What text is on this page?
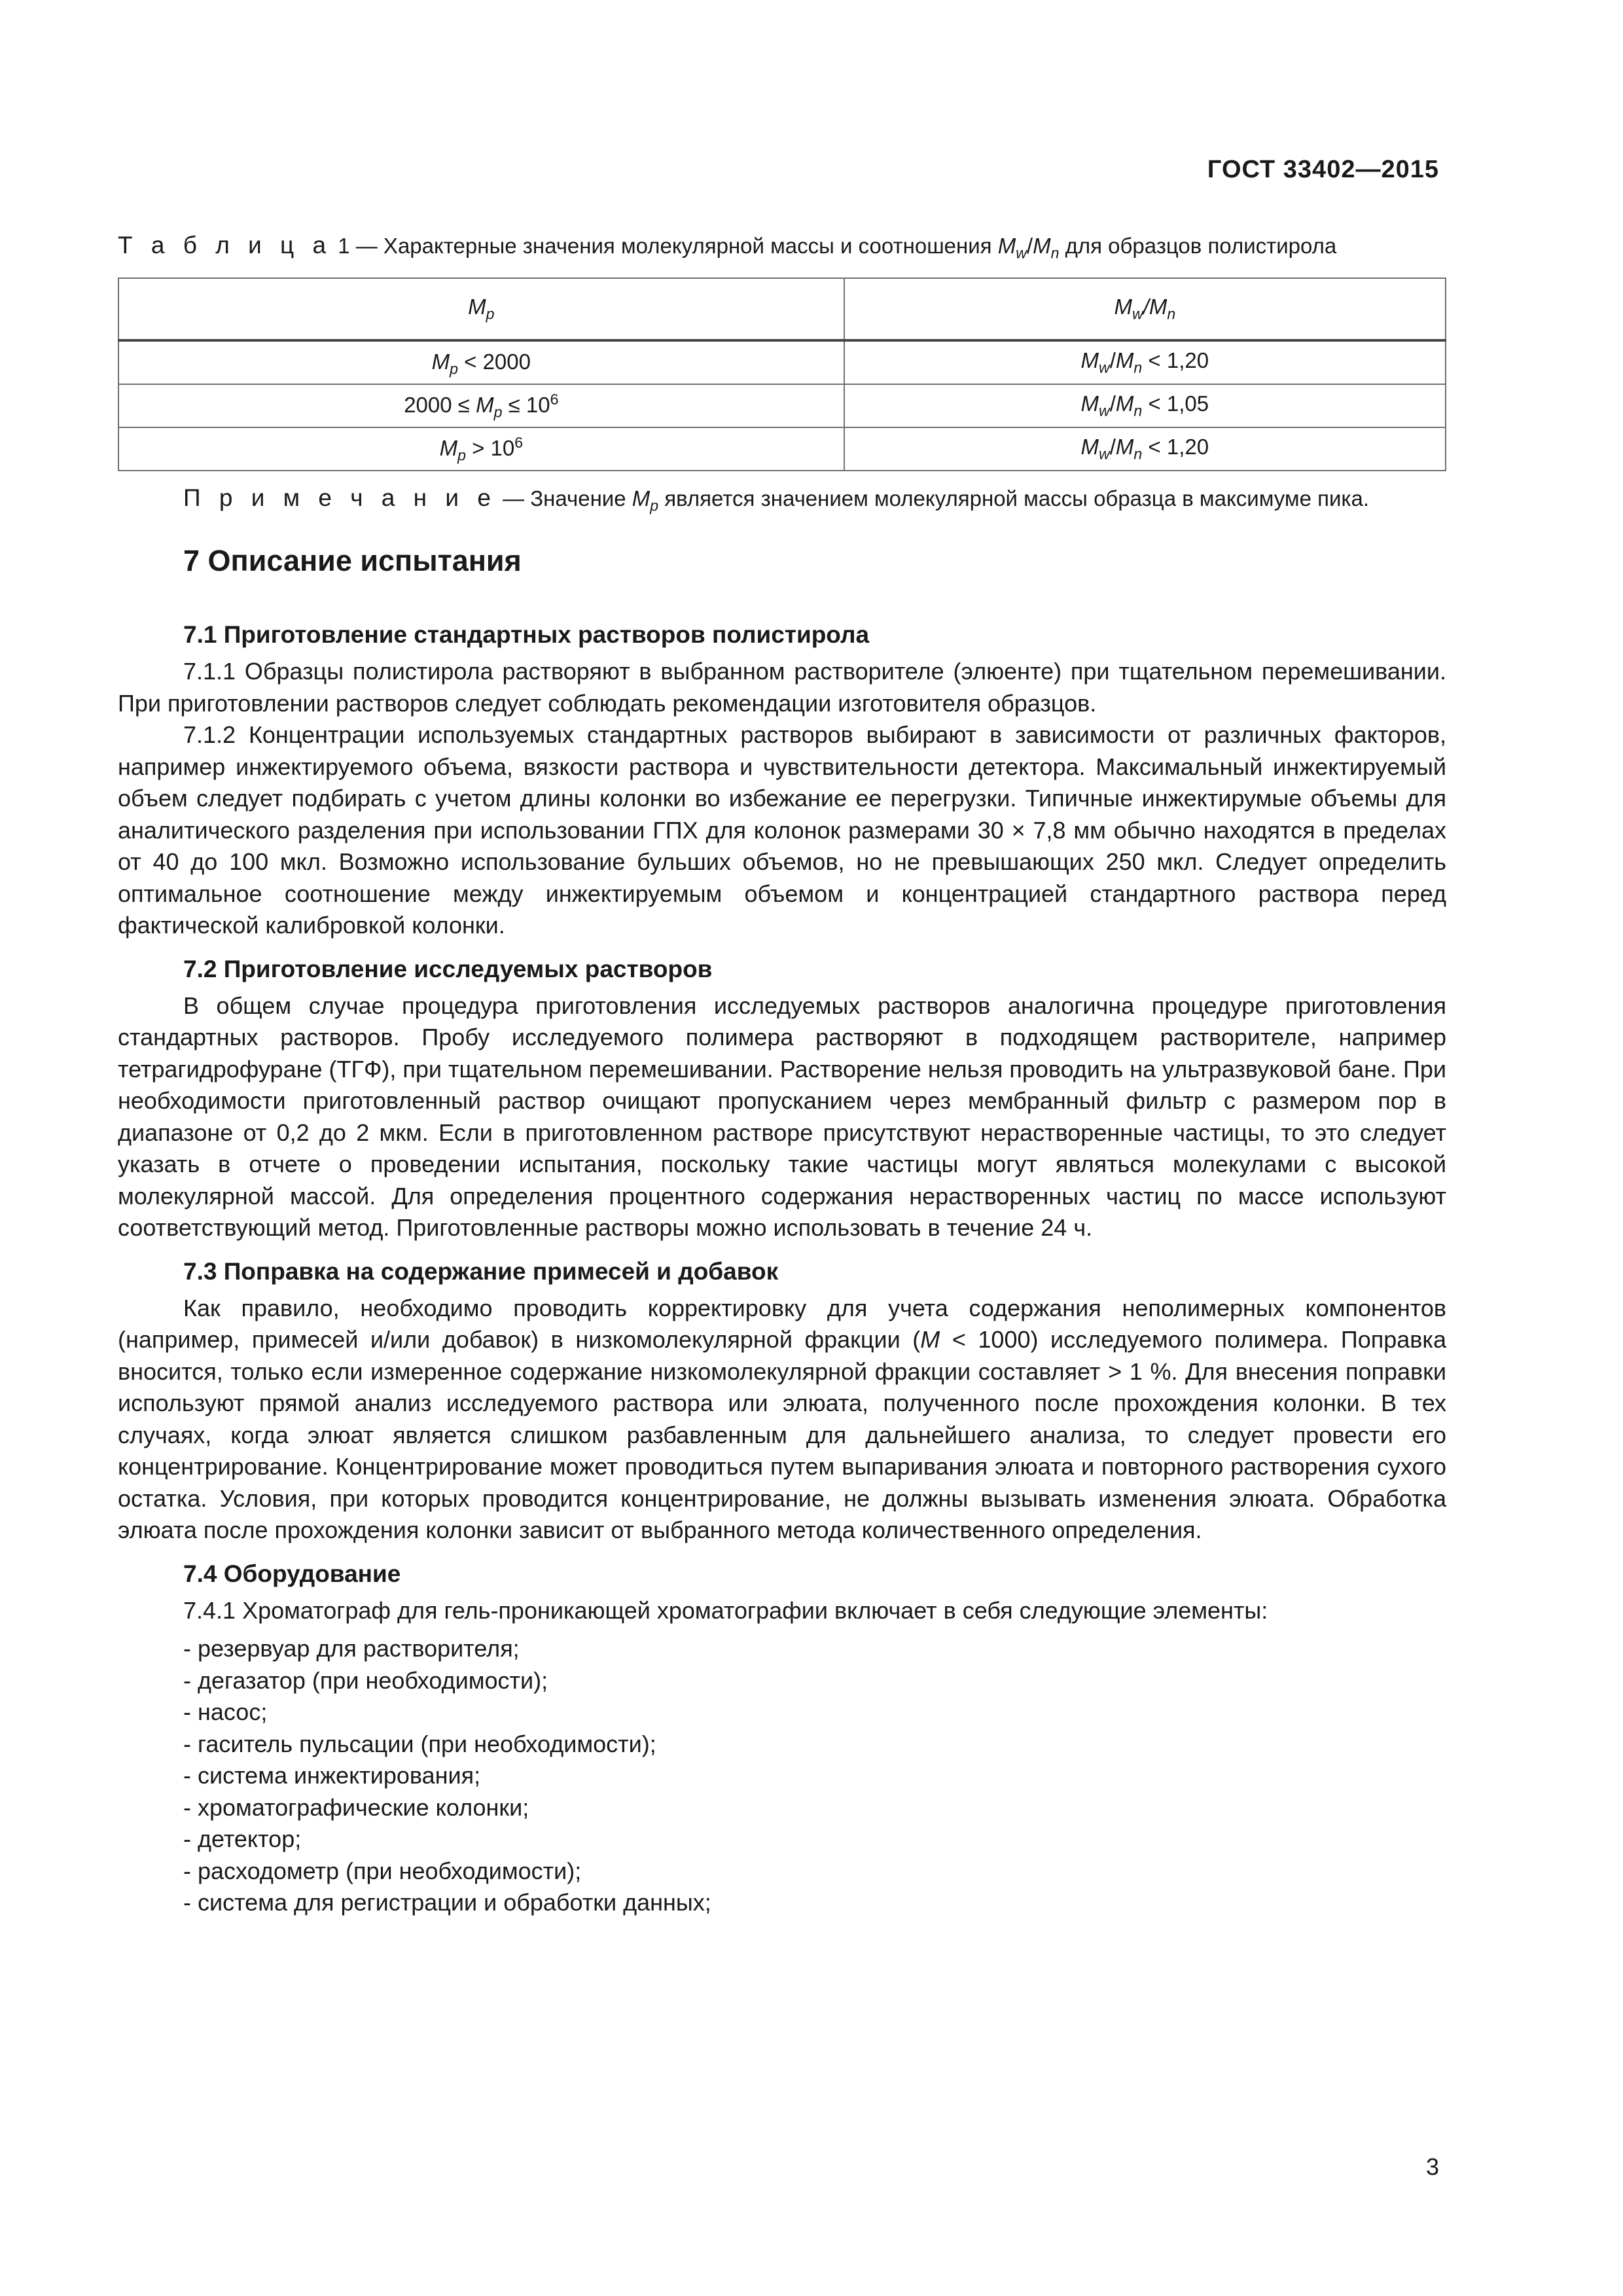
ГОСТ 33402—2015
Т а б л и ц а 1 — Характерные значения молекулярной массы и соотношения $M_w/M_n$ для образцов полистирола
$M_p$	$M_w/M_n$
$M_p < 2000$	$M_w/M_n < 1,20$
$2000 \le M_p \le 10^6$	$M_w/M_n < 1,05$
$M_p > 10^6$	$M_w/M_n < 1,20$
П р и м е ч а н и е — Значение $M_p$ является значением молекулярной массы образца в максимуме пика.
7 Описание испытания
7.1 Приготовление стандартных растворов полистирола

7.1.1 Образцы полистирола растворяют в выбранном растворителе (элюенте) при тщательном перемешивании. При приготовлении растворов следует соблюдать рекомендации изготовителя образцов.

7.1.2 Концентрации используемых стандартных растворов выбирают в зависимости от различных факторов, например инжектируемого объема, вязкости раствора и чувствительности детектора. Максимальный инжектируемый объем следует подбирать с учетом длины колонки во избежание ее перегрузки. Типичные инжектирумые объемы для аналитического разделения при использовании ГПХ для колонок размерами 30 × 7,8 мм обычно находятся в пределах от 40 до 100 мкл. Возможно использование бульших объемов, но не превышающих 250 мкл. Следует определить оптимальное соотношение между инжектируемым объемом и концентрацией стандартного раствора перед фактической калибровкой колонки.

7.2 Приготовление исследуемых растворов

В общем случае процедура приготовления исследуемых растворов аналогична процедуре приготовления стандартных растворов. Пробу исследуемого полимера растворяют в подходящем растворителе, например тетрагидрофуране (ТГФ), при тщательном перемешивании. Растворение нельзя проводить на ультразвуковой бане. При необходимости приготовленный раствор очищают пропусканием через мембранный фильтр с размером пор в диапазоне от 0,2 до 2 мкм. Если в приготовленном растворе присутствуют нерастворенные частицы, то это следует указать в отчете о проведении испытания, поскольку такие частицы могут являться молекулами с высокой молекулярной массой. Для определения процентного содержания нерастворенных частиц по массе используют соответствующий метод. Приготовленные растворы можно использовать в течение 24 ч.

7.3 Поправка на содержание примесей и добавок

Как правило, необходимо проводить корректировку для учета содержания неполимерных компонентов (например, примесей и/или добавок) в низкомолекулярной фракции (M < 1000) исследуемого полимера. Поправка вносится, только если измеренное содержание низкомолекулярной фракции составляет > 1 %. Для внесения поправки используют прямой анализ исследуемого раствора или элюата, полученного после прохождения колонки. В тех случаях, когда элюат является слишком разбавленным для дальнейшего анализа, то следует провести его концентрирование. Концентрирование может проводиться путем выпаривания элюата и повторного растворения сухого остатка. Условия, при которых проводится концентрирование, не должны вызывать изменения элюата. Обработка элюата после прохождения колонки зависит от выбранного метода количественного определения.

7.4 Оборудование

7.4.1 Хроматограф для гель-проникающей хроматографии включает в себя следующие элементы:

- резервуар для растворителя;
- дегазатор (при необходимости);
- насос;
- гаситель пульсации (при необходимости);
- система инжектирования;
- хроматографические колонки;
- детектор;
- расходометр (при необходимости);
- система для регистрации и обработки данных;
3
